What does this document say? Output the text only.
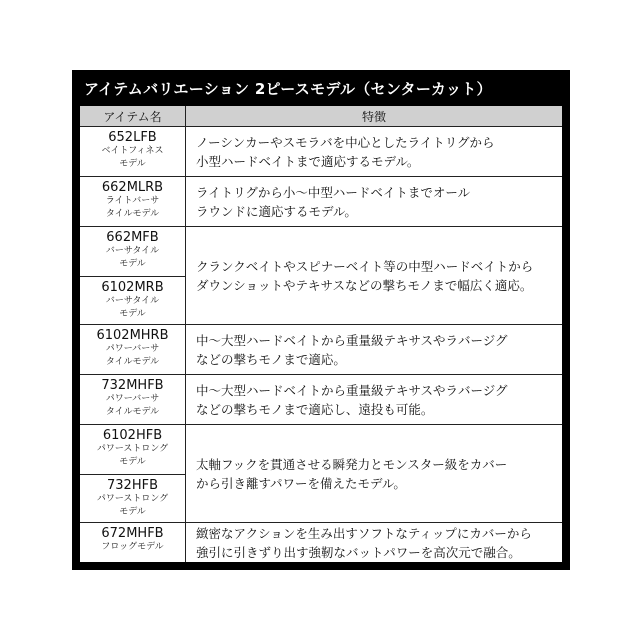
アイテムバリエーション 2ピースモデル（センターカット）
アイテム名	特徴
652LFB
ベイトフィネス
モデル
ノーシンカーやスモラバを中心としたライトリグから
小型ハードベイトまで適応するモデル。
662MLRB
ライトバーサ
タイルモデル
ライトリグから小〜中型ハードベイトまでオール
ラウンドに適応するモデル。
662MFB
バーサタイル
モデル
6102MRB
バーサタイル
モデル
クランクベイトやスピナーベイト等の中型ハードベイトから
ダウンショットやテキサスなどの撃ちモノまで幅広く適応。
6102MHRB
パワーバーサ
タイルモデル
中〜大型ハードベイトから重量級テキサスやラバージグ
などの撃ちモノまで適応。
732MHFB
パワーバーサ
タイルモデル
中〜大型ハードベイトから重量級テキサスやラバージグ
などの撃ちモノまで適応し、遠投も可能。
6102HFB
パワーストロング
モデル
732HFB
パワーストロング
モデル
太軸フックを貫通させる瞬発力とモンスター級をカバー
から引き離すパワーを備えたモデル。
672MHFB
フロッグモデル
緻密なアクションを生み出すソフトなティップにカバーから
強引に引きずり出す強靭なバットパワーを高次元で融合。
